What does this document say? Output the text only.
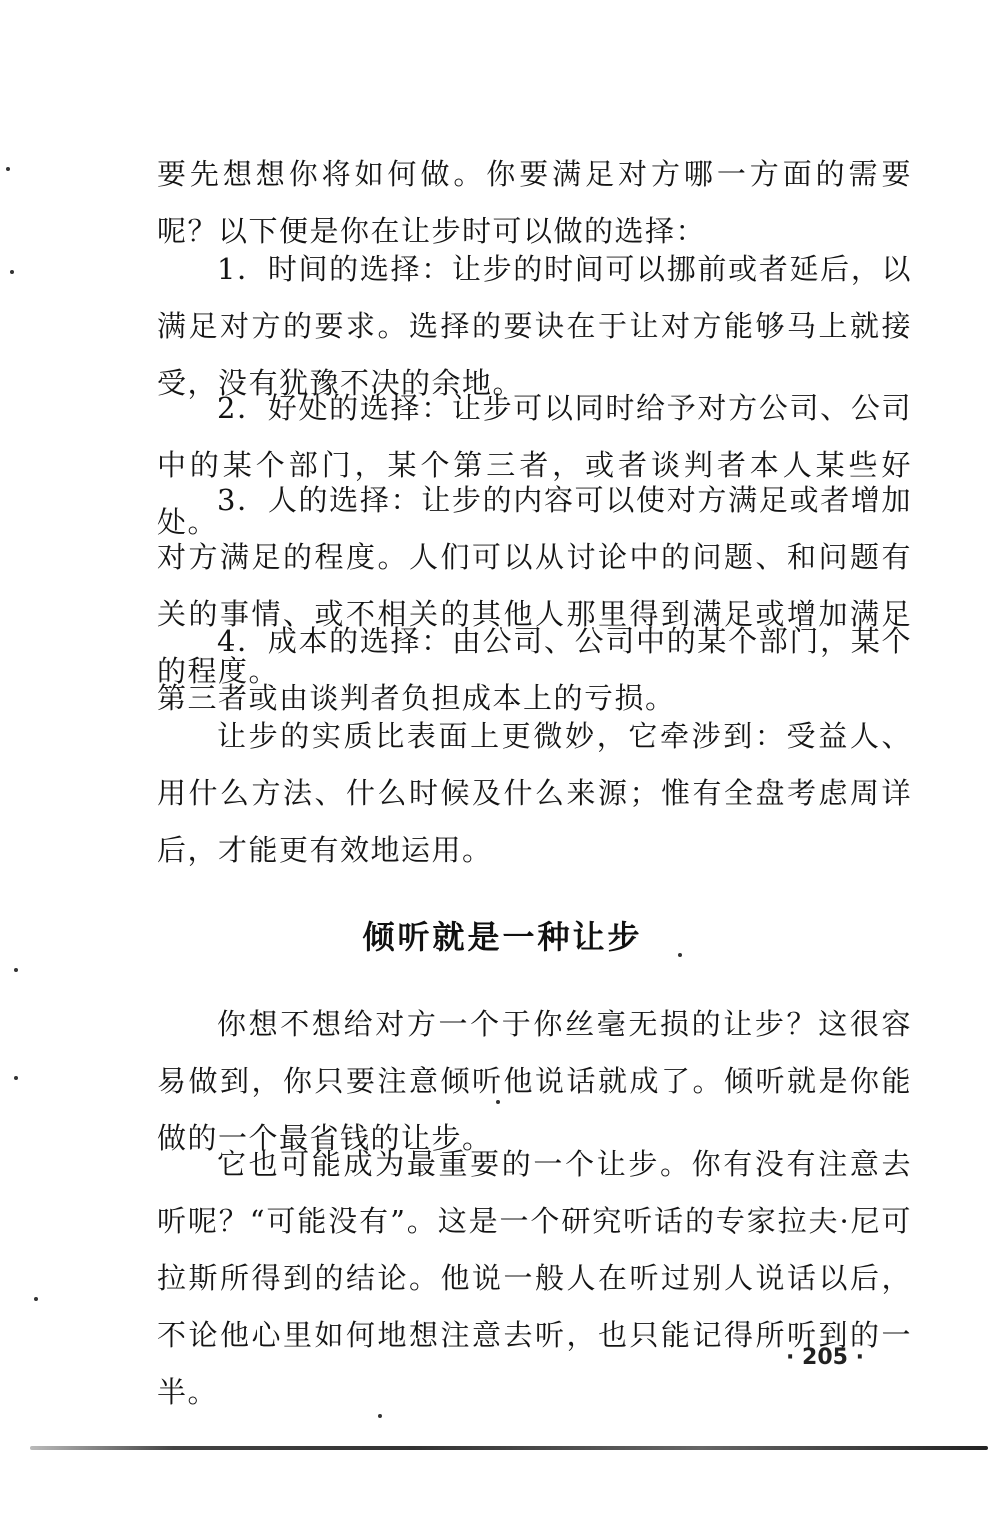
要先想想你将如何做。你要满足对方哪一方面的需要呢？以下便是你在让步时可以做的选择：

1．时间的选择：让步的时间可以挪前或者延后，以满足对方的要求。选择的要诀在于让对方能够马上就接受，没有犹豫不决的余地。

2．好处的选择：让步可以同时给予对方公司、公司中的某个部门，某个第三者，或者谈判者本人某些好处。

3．人的选择：让步的内容可以使对方满足或者增加对方满足的程度。人们可以从讨论中的问题、和问题有关的事情、或不相关的其他人那里得到满足或增加满足的程度。

4．成本的选择：由公司、公司中的某个部门，某个第三者或由谈判者负担成本上的亏损。

让步的实质比表面上更微妙，它牵涉到：受益人、用什么方法、什么时候及什么来源；惟有全盘考虑周详后，才能更有效地运用。

倾听就是一种让步

你想不想给对方一个于你丝毫无损的让步？这很容易做到，你只要注意倾听他说话就成了。倾听就是你能做的一个最省钱的让步。

它也可能成为最重要的一个让步。你有没有注意去听呢？“可能没有”。这是一个研究听话的专家拉夫·尼可拉斯所得到的结论。他说一般人在听过别人说话以后，不论他心里如何地想注意去听，也只能记得所听到的一半。

· 205 ·
